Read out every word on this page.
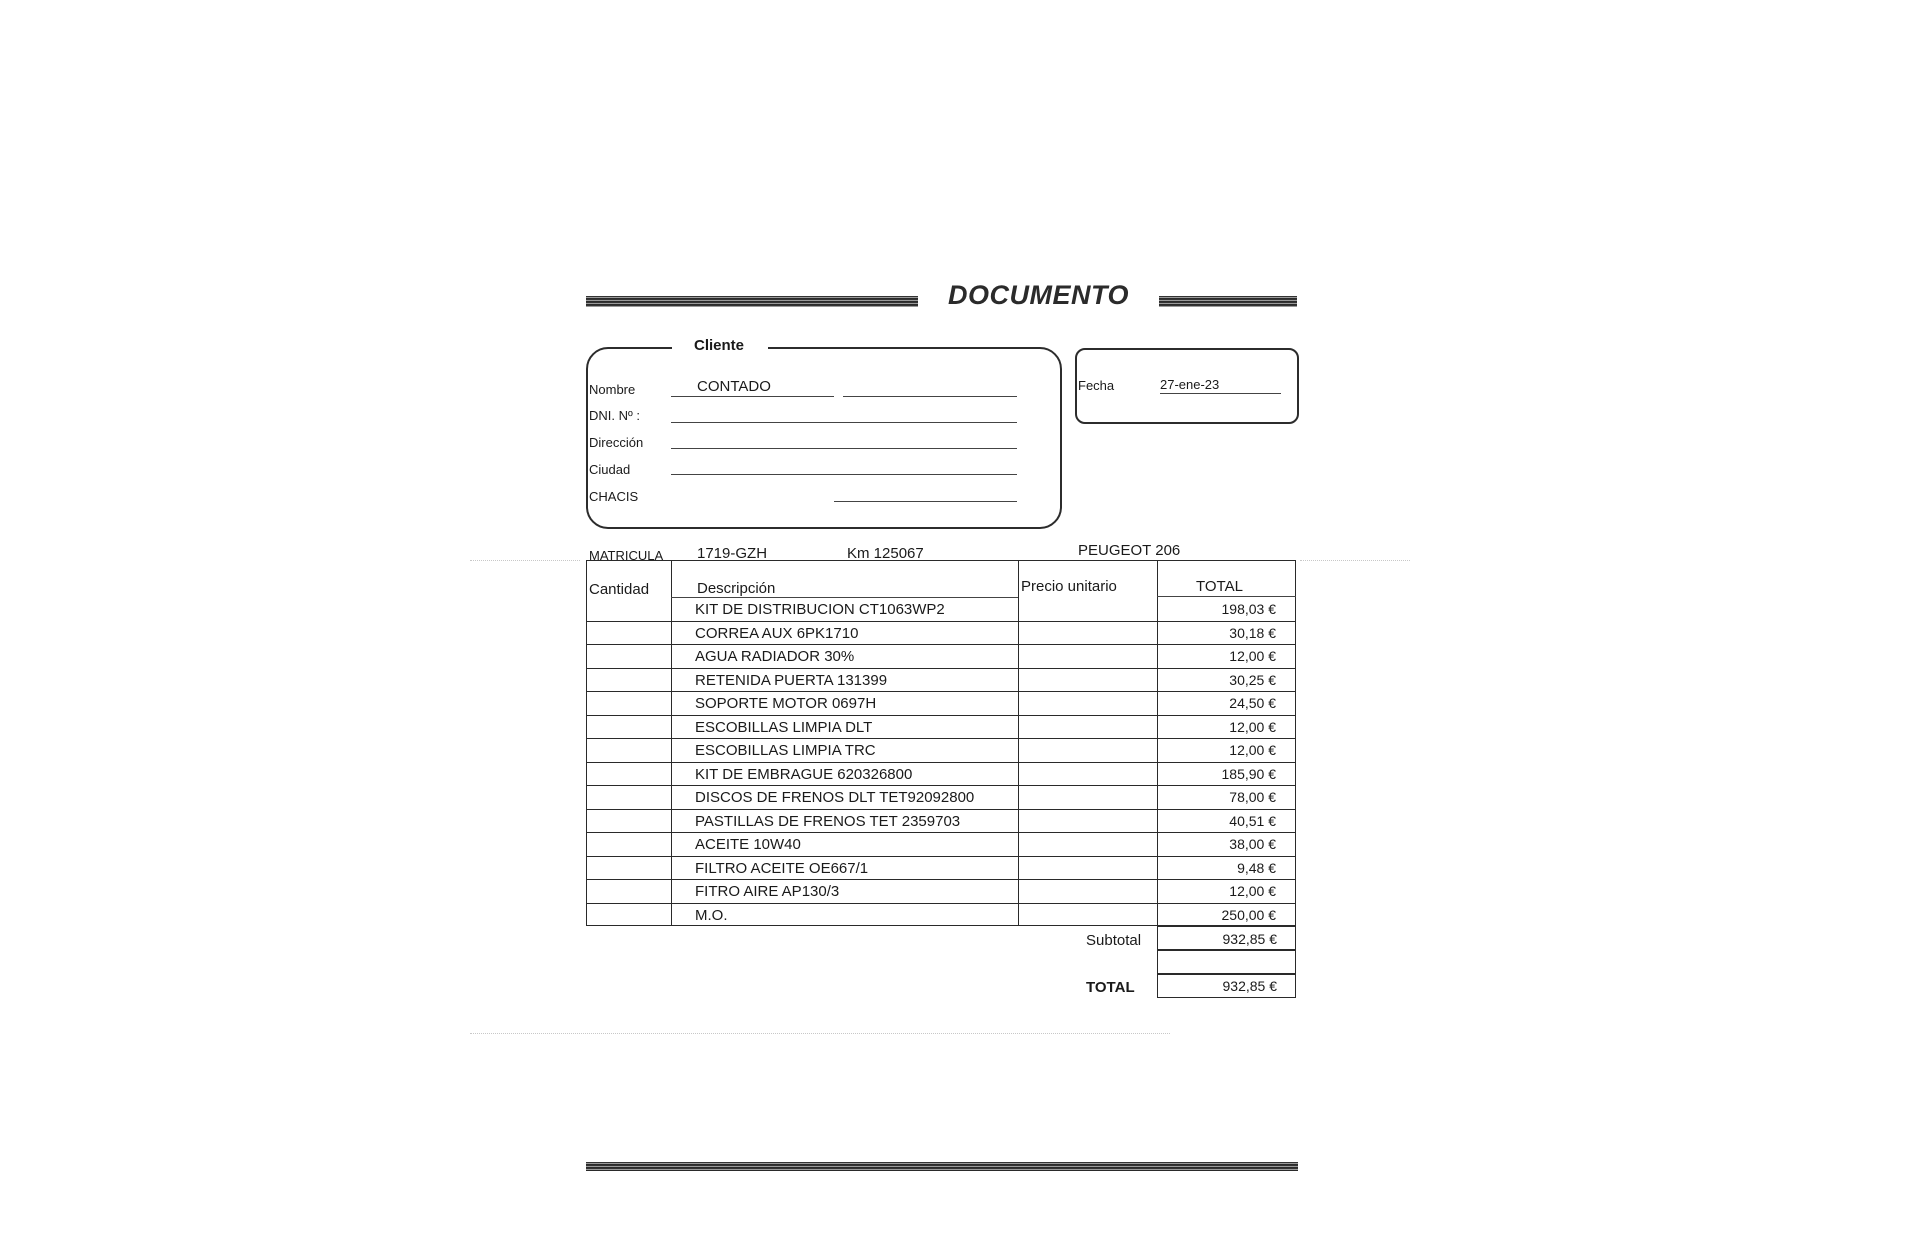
DOCUMENTO
Cliente
Nombre	CONTADO
DNI. Nº :
Dirección
Ciudad
CHACIS
Fecha	27-ene-23
MATRICULA 1719-GZH	Km 125067	PEUGEOT 206
Cantidad	Descripción	Precio unitario	TOTAL
KIT DE DISTRIBUCION CT1063WP2	198,03 €
CORREA AUX 6PK1710	30,18 €
AGUA RADIADOR 30%	12,00 €
RETENIDA PUERTA 131399	30,25 €
SOPORTE MOTOR 0697H	24,50 €
ESCOBILLAS LIMPIA DLT	12,00 €
ESCOBILLAS LIMPIA TRC	12,00 €
KIT DE EMBRAGUE 620326800	185,90 €
DISCOS DE FRENOS DLT TET92092800	78,00 €
PASTILLAS DE FRENOS TET 2359703	40,51 €
ACEITE 10W40	38,00 €
FILTRO ACEITE OE667/1	9,48 €
FITRO AIRE AP130/3	12,00 €
M.O.	250,00 €
Subtotal	932,85 €
TOTAL	932,85 €
